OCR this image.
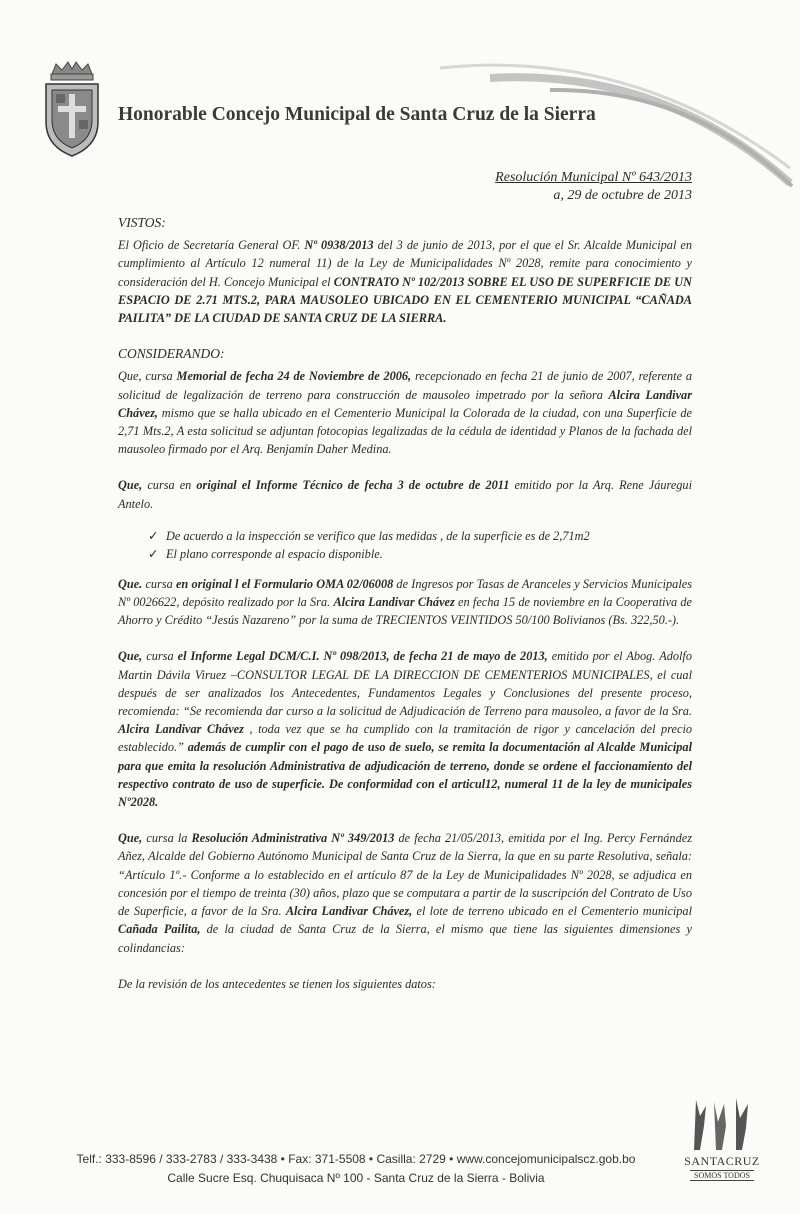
Honorable Concejo Municipal de Santa Cruz de la Sierra
Resolución Municipal Nº 643/2013
a, 29 de octubre de 2013
VISTOS:

El Oficio de Secretaría General OF. Nº 0938/2013 del 3 de junio de 2013, por el que el Sr. Alcalde Municipal en cumplimiento al Artículo 12 numeral 11) de la Ley de Municipalidades Nº 2028, remite para conocimiento y consideración del H. Concejo Municipal el CONTRATO Nº 102/2013 SOBRE EL USO DE SUPERFICIE DE UN ESPACIO DE 2.71 MTS.2, PARA MAUSOLEO UBICADO EN EL CEMENTERIO MUNICIPAL “CAÑADA PAILITA” DE LA CIUDAD DE SANTA CRUZ DE LA SIERRA.

CONSIDERANDO:

Que, cursa Memorial de fecha 24 de Noviembre de 2006, recepcionado en fecha 21 de junio de 2007, referente a solicitud de legalización de terreno para construcción de mausoleo impetrado por la señora Alcira Landivar Chávez, mismo que se halla ubicado en el Cementerio Municipal la Colorada de la ciudad, con una Superficie de 2,71 Mts.2, A esta solicitud se adjuntan fotocopias legalizadas de la cédula de identidad y Planos de la fachada del mausoleo firmado por el Arq. Benjamín Daher Medina.

Que, cursa en original el Informe Técnico de fecha 3 de octubre de 2011 emitido por la Arq. Rene Jáuregui Antelo.

✓ De acuerdo a la inspección se verifico que las medidas , de la superficie es de 2,71m2
✓ El plano corresponde al espacio disponible.

Que. cursa en original l el Formulario OMA 02/06008 de Ingresos por Tasas de Aranceles y Servicios Municipales Nº 0026622, depósito realizado por la Sra. Alcira Landivar Chávez en fecha 15 de noviembre en la Cooperativa de Ahorro y Crédito “Jesús Nazareno” por la suma de TRECIENTOS VEINTIDOS 50/100 Bolivianos (Bs. 322,50.-).

Que, cursa el Informe Legal DCM/C.I. Nº 098/2013, de fecha 21 de mayo de 2013, emitido por el Abog. Adolfo Martin Dávila Viruez –CONSULTOR LEGAL DE LA DIRECCION DE CEMENTERIOS MUNICIPALES, el cual después de ser analizados los Antecedentes, Fundamentos Legales y Conclusiones del presente proceso, recomienda: “Se recomienda dar curso a la solicitud de Adjudicación de Terreno para mausoleo, a favor de la Sra. Alcira Landivar Chávez , toda vez que se ha cumplido con la tramitación de rigor y cancelación del precio establecido.” además de cumplir con el pago de uso de suelo, se remita la documentación al Alcalde Municipal para que emita la resolución Administrativa de adjudicación de terreno, donde se ordene el faccionamiento del respectivo contrato de uso de superficie. De conformidad con el articul12, numeral 11 de la ley de municipales Nº2028.

Que, cursa la Resolución Administrativa Nº 349/2013 de fecha 21/05/2013, emitida por el Ing. Percy Fernández Añez, Alcalde del Gobierno Autónomo Municipal de Santa Cruz de la Sierra, la que en su parte Resolutiva, señala: “Artículo 1º.- Conforme a lo establecido en el artículo 87 de la Ley de Municipalidades Nº 2028, se adjudica en concesión por el tiempo de treinta (30) años, plazo que se computara a partir de la suscripción del Contrato de Uso de Superficie, a favor de la Sra. Alcira Landivar Chávez, el lote de terreno ubicado en el Cementerio municipal Cañada Pailita, de la ciudad de Santa Cruz de la Sierra, el mismo que tiene las siguientes dimensiones y colindancias:

De la revisión de los antecedentes se tienen los siguientes datos:

Telf.: 333-8596 / 333-2783 / 333-3438 • Fax: 371-5508 • Casilla: 2729 • www.concejomunicipalscz.gob.bo
Calle Sucre Esq. Chuquisaca Nº 100 - Santa Cruz de la Sierra - Bolivia
SANTACRUZ
SOMOS TODOS
